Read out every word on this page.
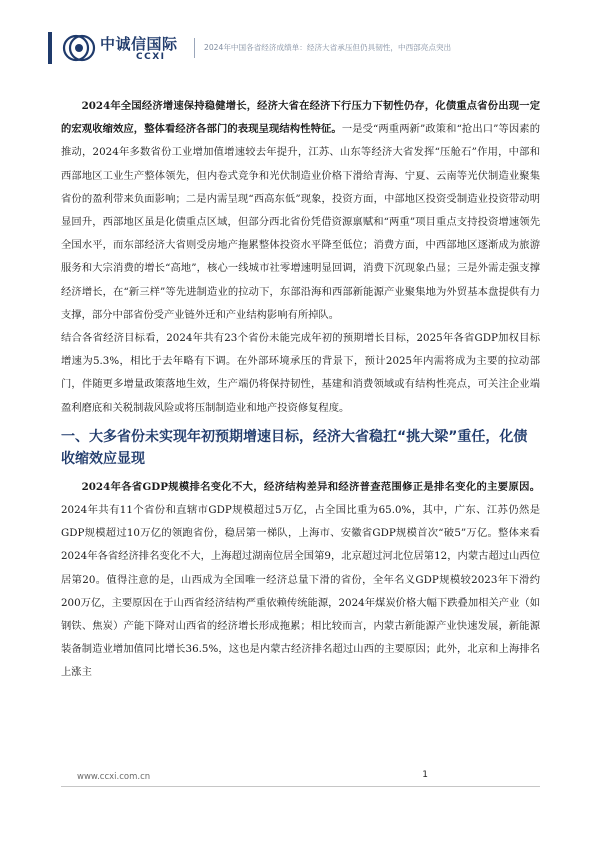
中诚信国际
CCXI
2024年中国各省经济成绩单：经济大省承压但仍具韧性，中西部亮点突出

2024年全国经济增速保持稳健增长，经济大省在经济下行压力下韧性仍存，化债重点省份出现一定的宏观收缩效应，整体看经济各部门的表现呈现结构性特征。一是受“两重两新”政策和“抢出口”等因素的推动，2024年多数省份工业增加值增速较去年提升，江苏、山东等经济大省发挥“压舱石”作用，中部和西部地区工业生产整体领先，但内卷式竞争和光伏制造业价格下滑给青海、宁夏、云南等光伏制造业聚集省份的盈利带来负面影响；二是内需呈现“西高东低”现象，投资方面，中部地区投资受制造业投资带动明显回升，西部地区虽是化债重点区域，但部分西北省份凭借资源禀赋和“两重”项目重点支持投资增速领先全国水平，而东部经济大省则受房地产拖累整体投资水平降至低位；消费方面，中西部地区逐渐成为旅游服务和大宗消费的增长“高地”，核心一线城市社零增速明显回调，消费下沉现象凸显；三是外需走强支撑经济增长，在“新三样”等先进制造业的拉动下，东部沿海和西部新能源产业聚集地为外贸基本盘提供有力支撑，部分中部省份受产业链外迁和产业结构影响有所掉队。

结合各省经济目标看，2024年共有23个省份未能完成年初的预期增长目标，2025年各省GDP加权目标增速为5.3%，相比于去年略有下调。在外部环境承压的背景下，预计2025年内需将成为主要的拉动部门，伴随更多增量政策落地生效，生产端仍将保持韧性，基建和消费领域或有结构性亮点，可关注企业端盈利磨底和关税制裁风险或将压制制造业和地产投资修复程度。

一、大多省份未实现年初预期增速目标，经济大省稳扛“挑大梁”重任，化债收缩效应显现

2024年各省GDP规模排名变化不大，经济结构差异和经济普查范围修正是排名变化的主要原因。2024年共有11个省份和直辖市GDP规模超过5万亿，占全国比重为65.0%，其中，广东、江苏仍然是GDP规模超过10万亿的领跑省份，稳居第一梯队，上海市、安徽省GDP规模首次“破5”万亿。整体来看2024年各省经济排名变化不大，上海超过湖南位居全国第9，北京超过河北位居第12，内蒙古超过山西位居第20。值得注意的是，山西成为全国唯一经济总量下滑的省份，全年名义GDP规模较2023年下滑约200万亿，主要原因在于山西省经济结构严重依赖传统能源，2024年煤炭价格大幅下跌叠加相关产业（如钢铁、焦炭）产能下降对山西省的经济增长形成拖累；相比较而言，内蒙古新能源产业快速发展，新能源装备制造业增加值同比增长36.5%，这也是内蒙古经济排名超过山西的主要原因；此外，北京和上海排名上涨主

www.ccxi.com.cn	1
